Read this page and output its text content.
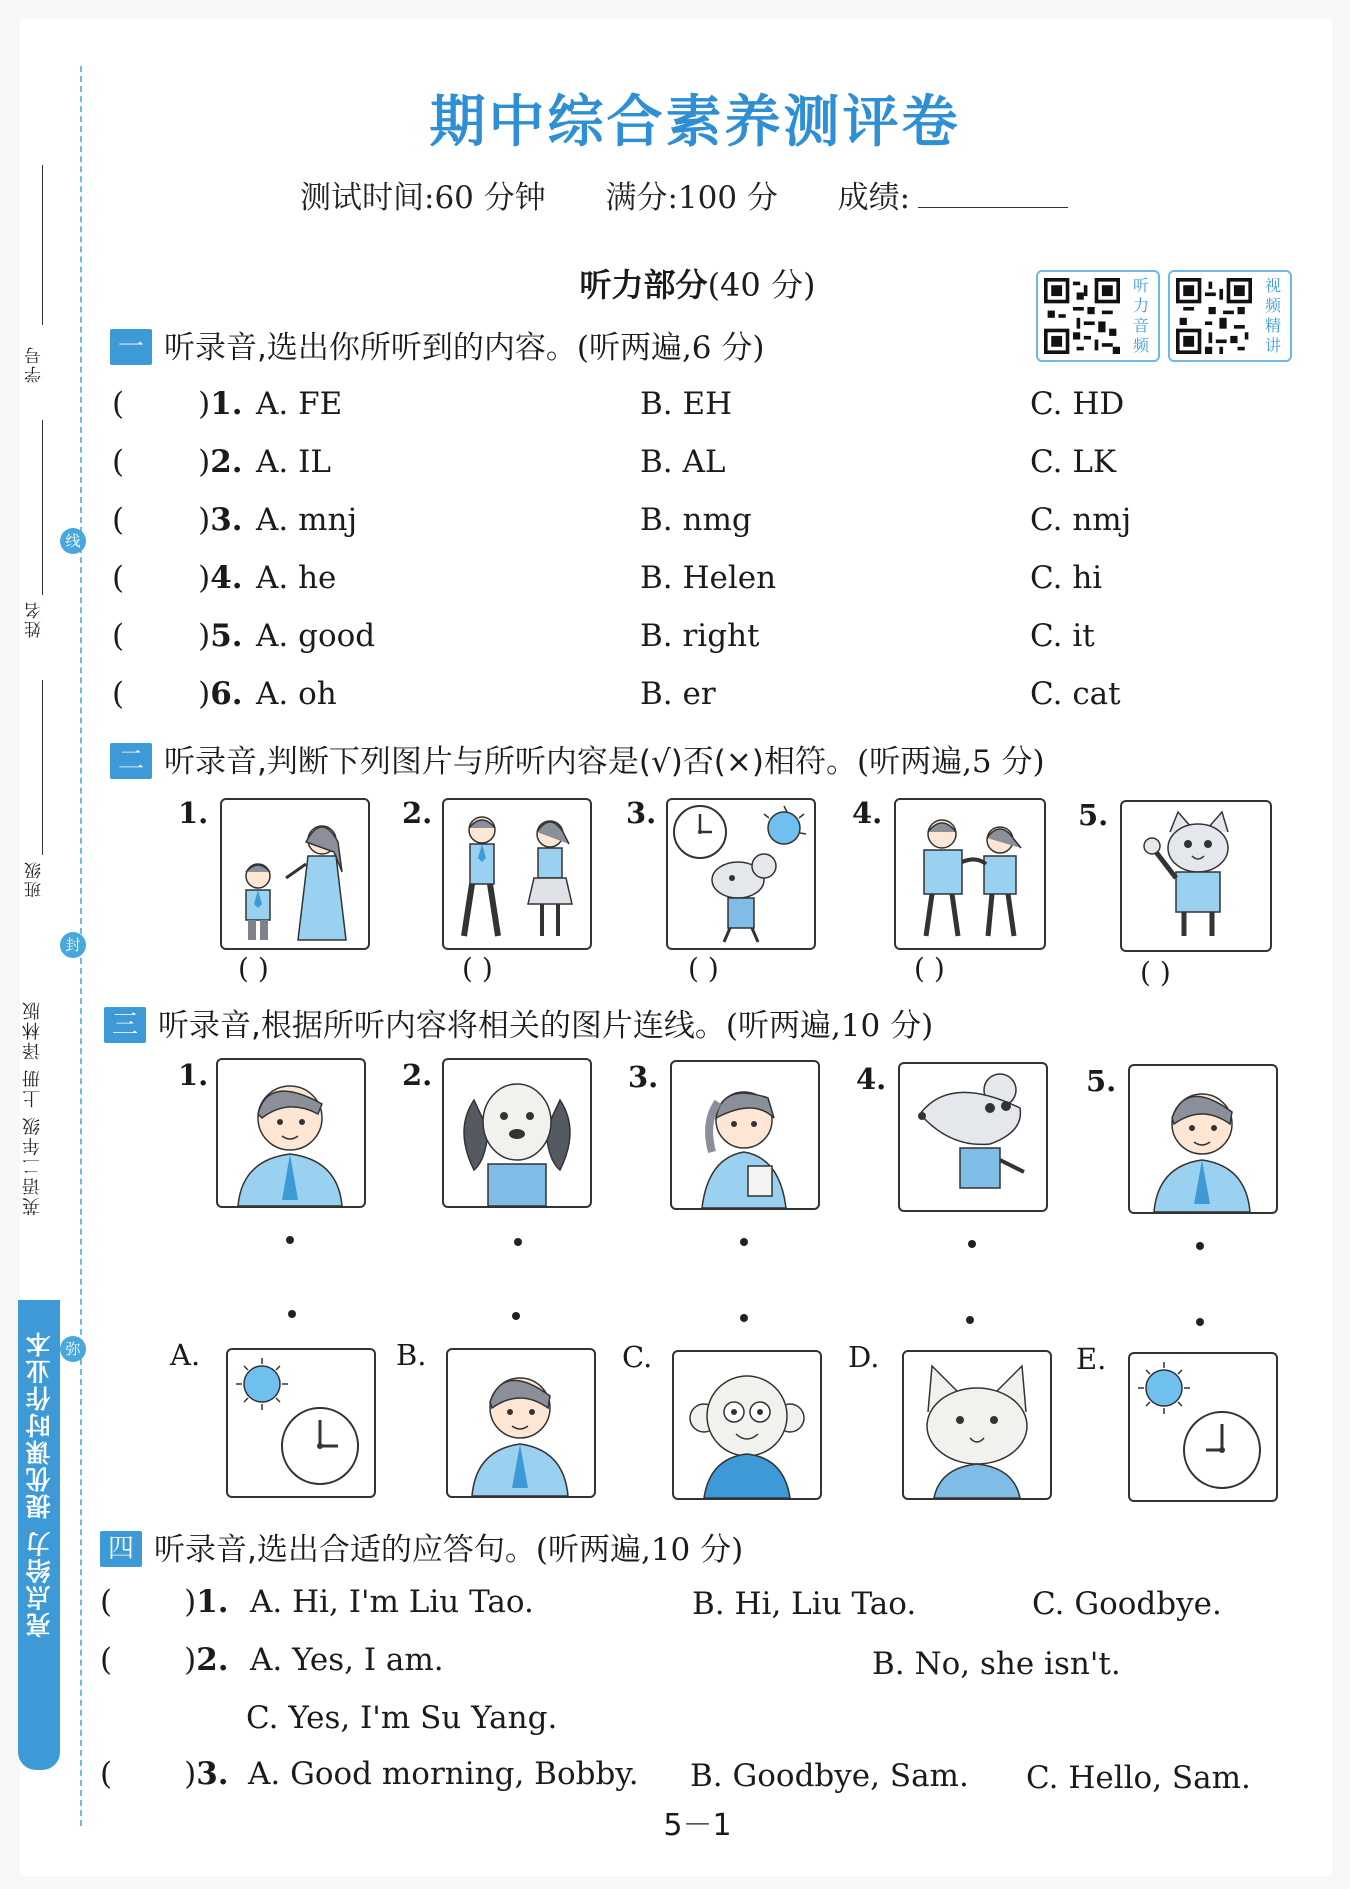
学号
姓名
班级
英语二年级 上册 译林版
线
封
弥
亮点给力 提优课时作业本
期中综合素养测评卷
测试时间:60 分钟 满分:100 分 成绩:
听力部分(40 分)	听力音频
视频精讲
一 听录音,选出你所听到的内容。(听两遍,6 分)
( )1. A. FE	B. EH	C. HD
( )2. A. IL	B. AL	C. LK
( )3. A. mnj	B. nmg	C. nmj
( )4. A. he	B. Helen	C. hi
( )5. A. good	B. right	C. it
( )6. A. oh	B. er	C. cat
二 听录音,判断下列图片与所听内容是(√)否(×)相符。(听两遍,5 分)
1.
( )
2.
( )
3.
( )
4.
( )
5.
( )
三 听录音,根据所听内容将相关的图片连线。(听两遍,10 分)
1.	2.	3.	4.	5.
A.	B.	C.	D.	E.
四 听录音,选出合适的应答句。(听两遍,10 分)
( )1. A. Hi, I'm Liu Tao.	B. Hi, Liu Tao.	C. Goodbye.
( )2. A. Yes, I am.	B. No, she isn't.
C. Yes, I'm Su Yang.
( )3. A. Good morning, Bobby. B. Goodbye, Sam. C. Hello, Sam.
5－1
